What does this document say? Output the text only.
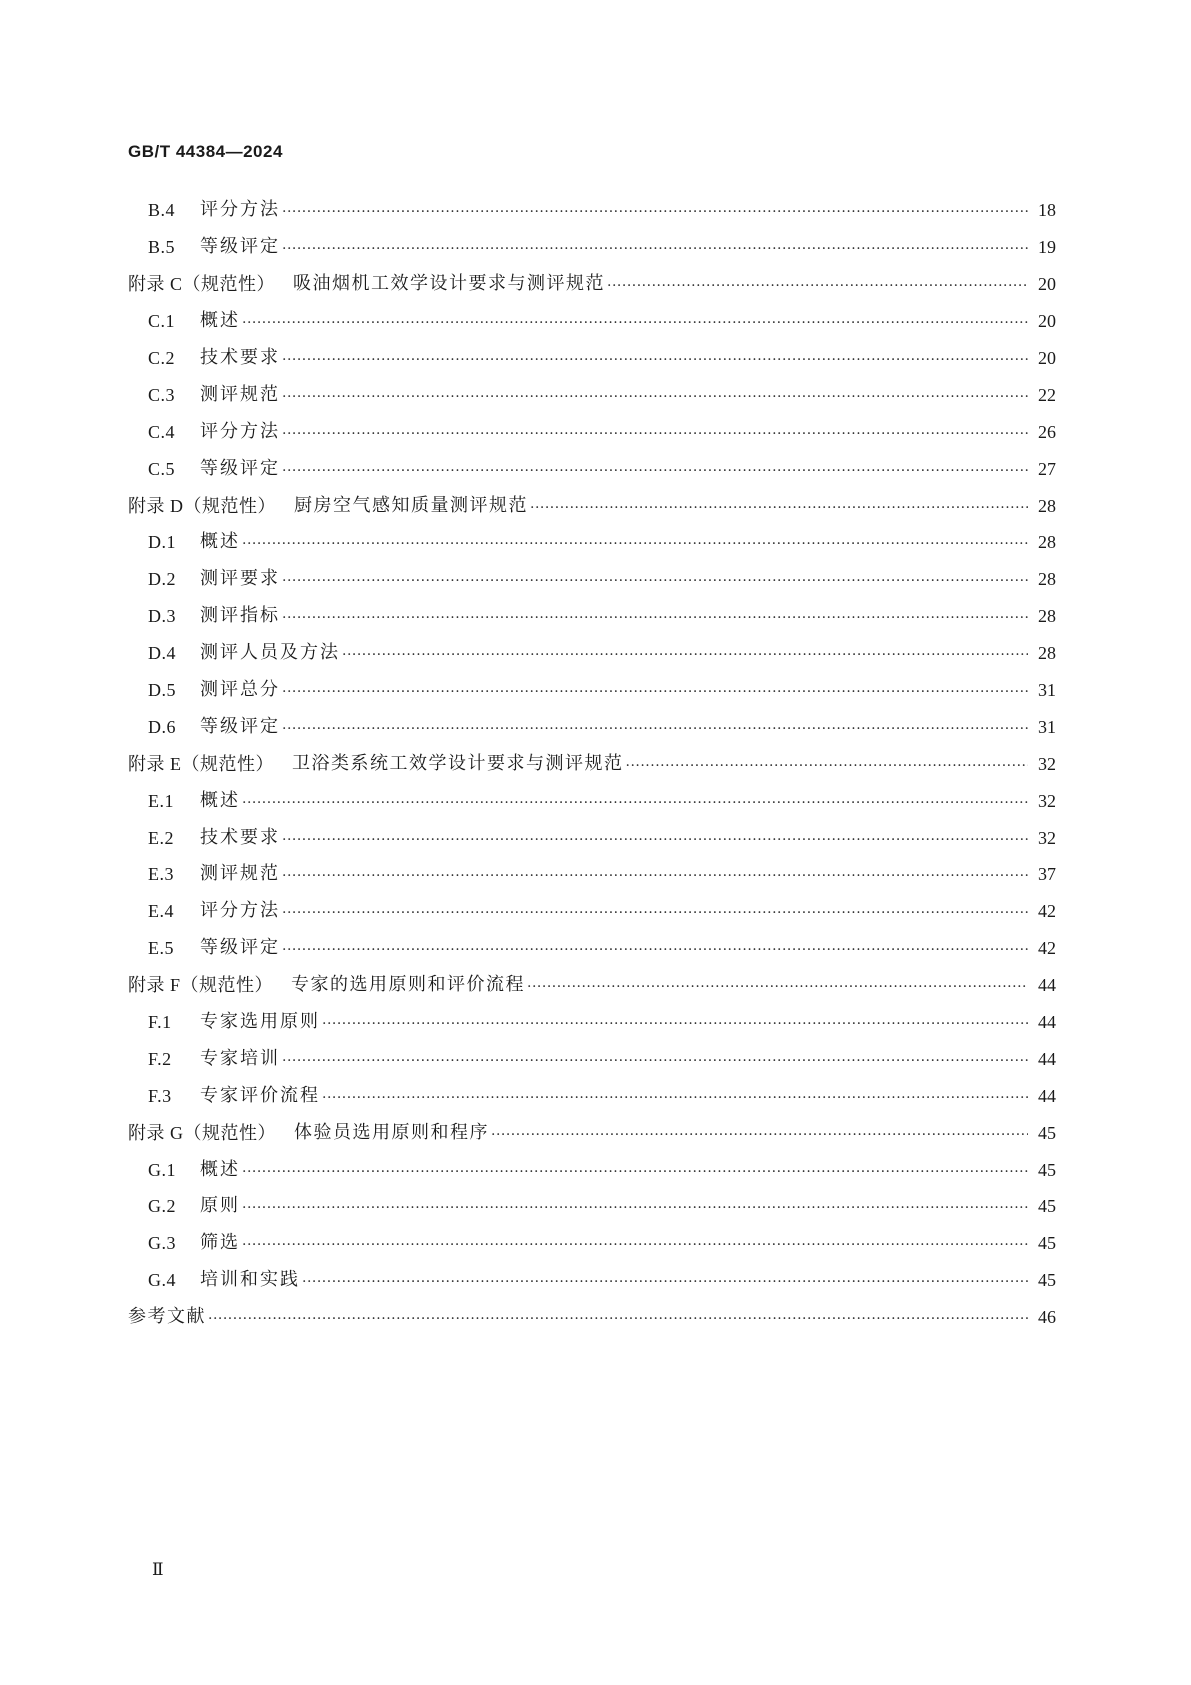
GB/T 44384—2024
B.4	评分方法 ·····	18
B.5	等级评定 ·····	19
附录 C（规范性） 吸油烟机工效学设计要求与测评规范 ·····	20
C.1	概述 ·····	20
C.2	技术要求 ·····	20
C.3	测评规范 ·····	22
C.4	评分方法 ·····	26
C.5	等级评定 ·····	27
附录 D（规范性） 厨房空气感知质量测评规范 ·····	28
D.1	概述 ·····	28
D.2	测评要求 ·····	28
D.3	测评指标 ·····	28
D.4	测评人员及方法 ·····	28
D.5	测评总分 ·····	31
D.6	等级评定 ·····	31
附录 E（规范性） 卫浴类系统工效学设计要求与测评规范 ·····	32
E.1	概述 ·····	32
E.2	技术要求 ·····	32
E.3	测评规范 ·····	37
E.4	评分方法 ·····	42
E.5	等级评定 ·····	42
附录 F（规范性） 专家的选用原则和评价流程 ·····	44
F.1	专家选用原则 ·····	44
F.2	专家培训 ·····	44
F.3	专家评价流程 ·····	44
附录 G（规范性） 体验员选用原则和程序 ·····	45
G.1	概述 ·····	45
G.2	原则 ·····	45
G.3	筛选 ·····	45
G.4	培训和实践 ·····	45
参考文献 ·····	46
Ⅱ
